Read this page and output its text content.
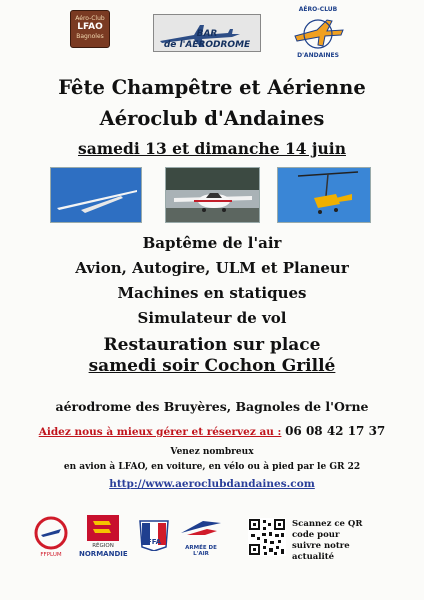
Aéro-Club
LFAO
Bagnoles	BAR
de l'AERODROME
AÉRO-CLUB
D'ANDAINES
Fête Champêtre et Aérienne
Aéroclub d'Andaines
samedi 13 et dimanche 14 juin
Baptême de l'air
Avion, Autogire, ULM et Planeur
Machines en statiques
Simulateur de vol
Restauration sur place
samedi soir Cochon Grillé
aérodrome des Bruyères, Bagnoles de l'Orne
Aidez nous à mieux gérer et réservez au : 06 08 42 17 37
Venez nombreux
en avion à LFAO, en voiture, en vélo ou à pied par le GR 22
http://www.aeroclubdandaines.com
FFPLUM
RÉGION
NORMANDIE
FFA
ARMÉE DE L'AIR
Scannez ce QR code pour suivre notre actualité
